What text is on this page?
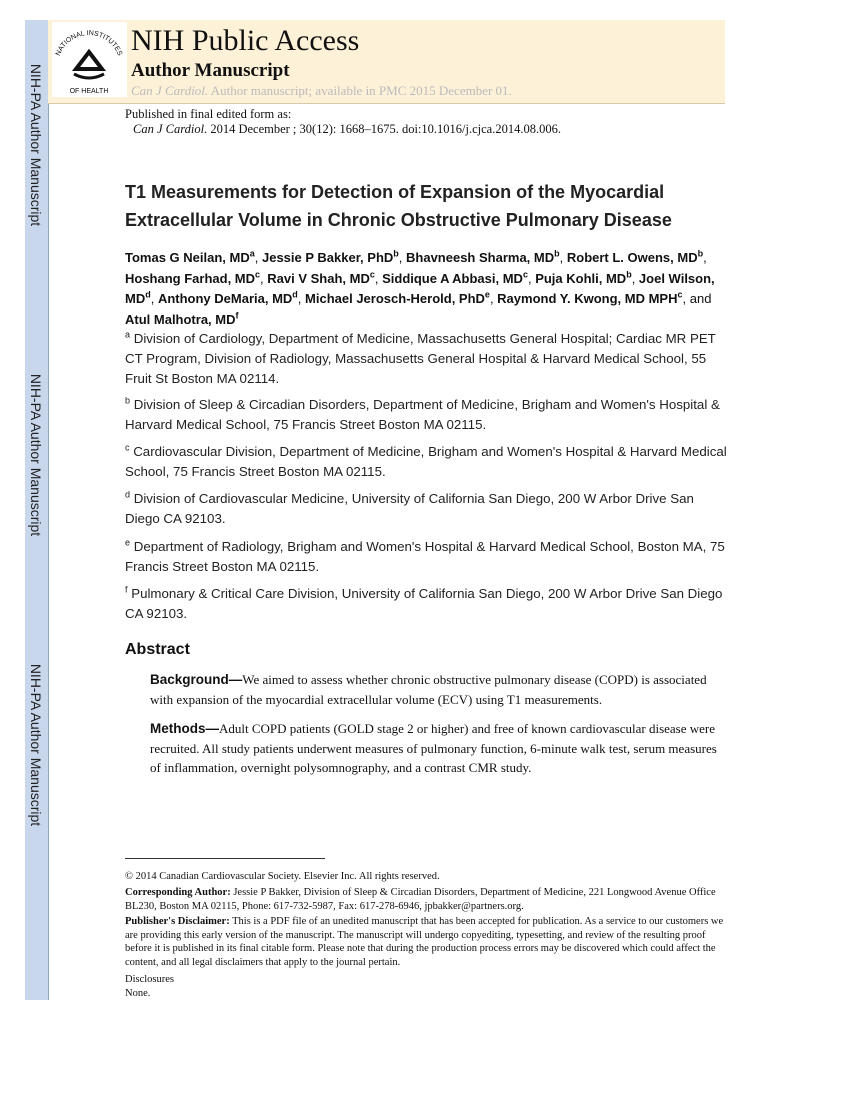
NIH-PA Author Manuscript
NIH-PA Author Manuscript
NIH-PA Author Manuscript
NATIONAL INSTITUTES
OF HEALTH
NIH Public Access
Author Manuscript
Can J Cardiol. Author manuscript; available in PMC 2015 December 01.
Published in final edited form as:
Can J Cardiol. 2014 December ; 30(12): 1668–1675. doi:10.1016/j.cjca.2014.08.006.
T1 Measurements for Detection of Expansion of the Myocardial Extracellular Volume in Chronic Obstructive Pulmonary Disease
Tomas G Neilan, $MD^a$, Jessie P Bakker, PhD$^b$, Bhavneesh Sharma, $MD^b$, Robert L. Owens, $MD^b$, Hoshang Farhad, $MD^c$, Ravi V Shah, $MD^c$, Siddique A Abbasi, $MD^c$, Puja Kohli, $MD^b$, Joel Wilson, $MD^d$, Anthony DeMaria, $MD^d$, Michael Jerosch-Herold, PhD$^e$, Raymond Y. Kwong, MD MPH$^c$, and Atul Malhotra, $MD^f$
$^a$ Division of Cardiology, Department of Medicine, Massachusetts General Hospital; Cardiac MR PET CT Program, Division of Radiology, Massachusetts General Hospital & Harvard Medical School, 55 Fruit St Boston MA 02114.
$^b$ Division of Sleep & Circadian Disorders, Department of Medicine, Brigham and Women's Hospital & Harvard Medical School, 75 Francis Street Boston MA 02115.
$^c$ Cardiovascular Division, Department of Medicine, Brigham and Women's Hospital & Harvard Medical School, 75 Francis Street Boston MA 02115.
$^d$ Division of Cardiovascular Medicine, University of California San Diego, 200 W Arbor Drive San Diego CA 92103.
$^e$ Department of Radiology, Brigham and Women's Hospital & Harvard Medical School, Boston MA, 75 Francis Street Boston MA 02115.
$^f$ Pulmonary & Critical Care Division, University of California San Diego, 200 W Arbor Drive San Diego CA 92103.
Abstract
Background—We aimed to assess whether chronic obstructive pulmonary disease (COPD) is associated with expansion of the myocardial extracellular volume (ECV) using T1 measurements.
Methods—Adult COPD patients (GOLD stage 2 or higher) and free of known cardiovascular disease were recruited. All study patients underwent measures of pulmonary function, 6-minute walk test, serum measures of inflammation, overnight polysomnography, and a contrast CMR study.
© 2014 Canadian Cardiovascular Society. Elsevier Inc. All rights reserved.
Corresponding Author: Jessie P Bakker, Division of Sleep & Circadian Disorders, Department of Medicine, 221 Longwood Avenue Office BL230, Boston MA 02115, Phone: 617-732-5987, Fax: 617-278-6946, jpbakker@partners.org.
Publisher's Disclaimer: This is a PDF file of an unedited manuscript that has been accepted for publication. As a service to our customers we are providing this early version of the manuscript. The manuscript will undergo copyediting, typesetting, and review of the resulting proof before it is published in its final citable form. Please note that during the production process errors may be discovered which could affect the content, and all legal disclaimers that apply to the journal pertain.
Disclosures
None.
